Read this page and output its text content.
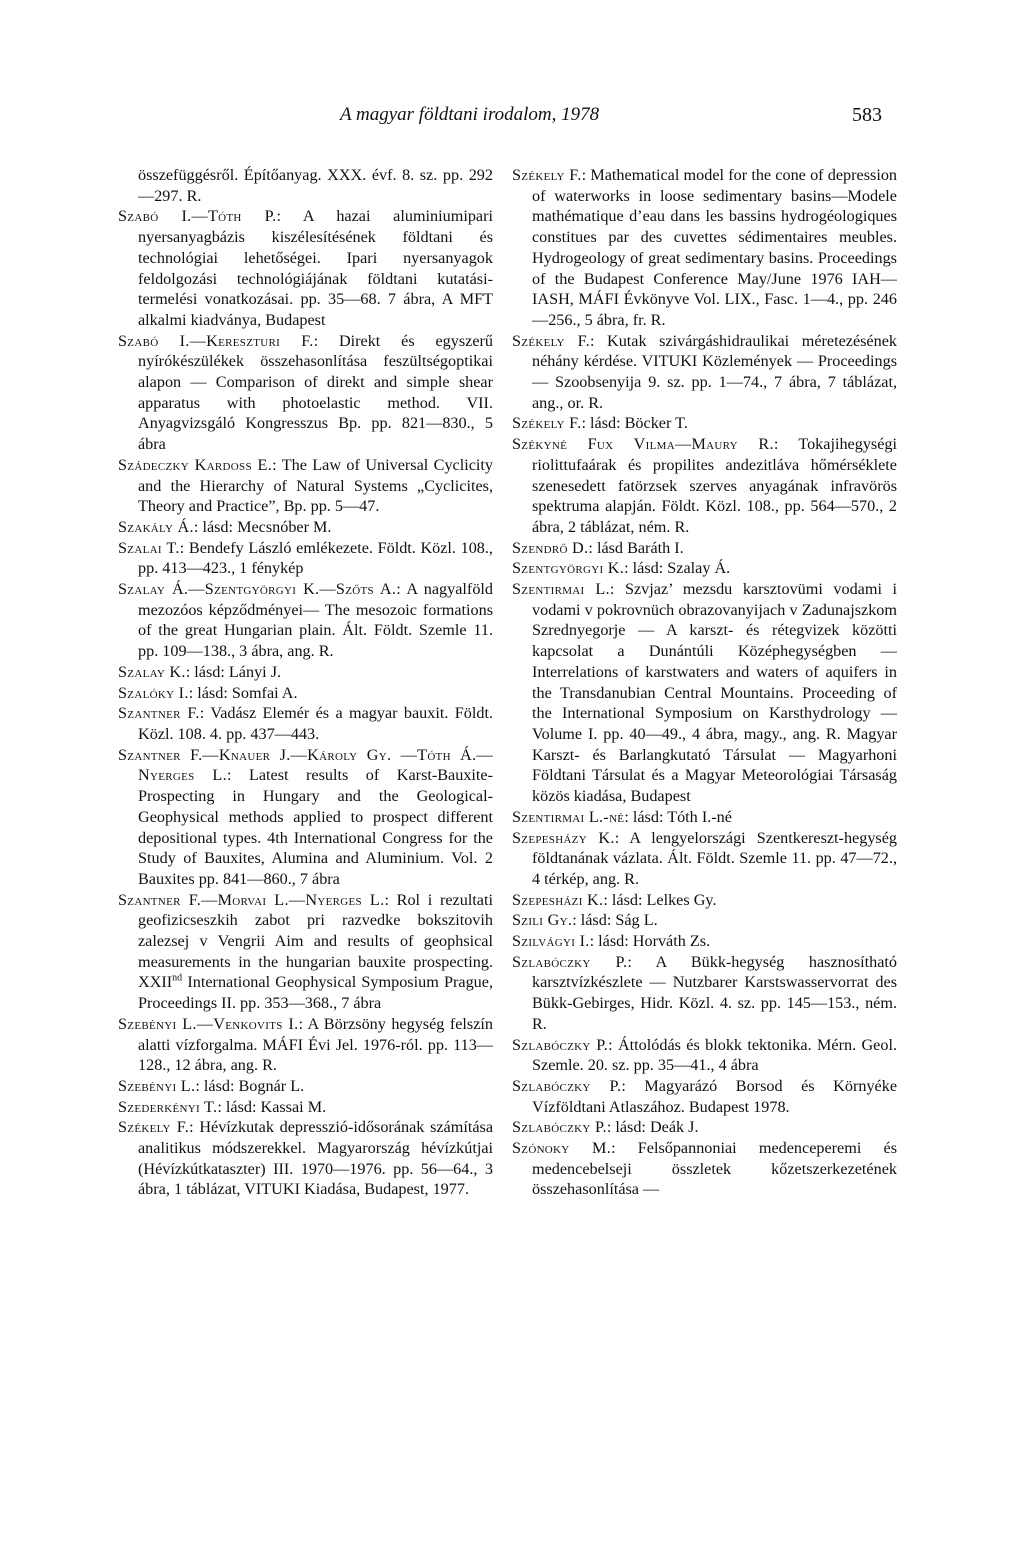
A magyar földtani irodalom, 1978	583

összefüggésről. Építőanyag. XXX. évf. 8. sz. pp. 292—297. R.

Szabó I.—Tóth P.: A hazai aluminiumipari nyersanyagbázis kiszélesítésének földtani és technológiai lehetőségei. Ipari nyersanyagok feldolgozási technológiájának földtani kutatási-termelési vonatkozásai. pp. 35—68. 7 ábra, A MFT alkalmi kiadványa, Budapest

Szabó I.—Kereszturi F.: Direkt és egyszerű nyírókészülékek összehasonlítása feszültségoptikai alapon — Comparison of direkt and simple shear apparatus with photoelastic method. VII. Anyagvizsgáló Kongresszus Bp. pp. 821—830., 5 ábra

Szádeczky Kardoss E.: The Law of Universal Cyclicity and the Hierarchy of Natural Systems „Cyclicites, Theory and Practice”, Bp. pp. 5—47.

Szakály Á.: lásd: Mecsnóber M.

Szalai T.: Bendefy László emlékezete. Földt. Közl. 108., pp. 413—423., 1 fénykép

Szalay Á.—Szentgyörgyi K.—Szőts A.: A nagyalföld mezozóos képződményei— The mesozoic formations of the great Hungarian plain. Ált. Földt. Szemle 11. pp. 109—138., 3 ábra, ang. R.

Szalay K.: lásd: Lányi J.

Szalóky I.: lásd: Somfai A.

Szantner F.: Vadász Elemér és a magyar bauxit. Földt. Közl. 108. 4. pp. 437—443.

Szantner F.—Knauer J.—Károly Gy. —Tóth Á.—Nyerges L.: Latest results of Karst-Bauxite-Prospecting in Hungary and the Geological-Geophysical methods applied to prospect different depositional types. 4th International Congress for the Study of Bauxites, Alumina and Aluminium. Vol. 2 Bauxites pp. 841—860., 7 ábra

Szantner F.—Morvai L.—Nyerges L.: Rol i rezultati geofizicseszkih zabot pri razvedke bokszitovih zalezsej v Vengrii Aim and results of geophsical measurements in the hungarian bauxite prospecting. XXIInd International Geophysical Symposium Prague, Proceedings II. pp. 353—368., 7 ábra

Szebényi L.—Venkovits I.: A Börzsöny hegység felszín alatti vízforgalma. MÁFI Évi Jel. 1976-ról. pp. 113—128., 12 ábra, ang. R.

Szebényi L.: lásd: Bognár L.

Szederkényi T.: lásd: Kassai M.

Székely F.: Hévízkutak depresszió-idősorának számítása analitikus módszerekkel. Magyarország hévízkútjai (Hévízkútkataszter) III. 1970—1976. pp. 56—64., 3 ábra, 1 táblázat, VITUKI Kiadása, Budapest, 1977.

Székely F.: Mathematical model for the cone of depression of waterworks in loose sedimentary basins—Modele mathématique d’eau dans les bassins hydrogéologiques constitues par des cuvettes sédimentaires meubles. Hydrogeology of great sedimentary basins. Proceedings of the Budapest Conference May/June 1976 IAH—IASH, MÁFI Évkönyve Vol. LIX., Fasc. 1—4., pp. 246—256., 5 ábra, fr. R.

Székely F.: Kutak szivárgáshidraulikai méretezésének néhány kérdése. VITUKI Közlemények — Proceedings — Szoobsenyija 9. sz. pp. 1—74., 7 ábra, 7 táblázat, ang., or. R.

Székely F.: lásd: Böcker T.

Székyné Fux Vilma—Maury R.: Tokajihegységi riolittufaárak és propilites andezitláva hőmérséklete szenesedett fatörzsek szerves anyagának infravörös spektruma alapján. Földt. Közl. 108., pp. 564—570., 2 ábra, 2 táblázat, ném. R.

Szendrő D.: lásd Baráth I.

Szentgyörgyi K.: lásd: Szalay Á.

Szentirmai L.: Szvjaz’ mezsdu karsztovümi vodami i vodami v pokrovnüch obrazovanyijach v Zadunajszkom Szrednyegorje — A karszt- és rétegvizek közötti kapcsolat a Dunántúli Középhegységben — Interrelations of karstwaters and waters of aquifers in the Transdanubian Central Mountains. Proceeding of the International Symposium on Karsthydrology — Volume I. pp. 40—49., 4 ábra, magy., ang. R. Magyar Karszt- és Barlangkutató Társulat — Magyarhoni Földtani Társulat és a Magyar Meteorológiai Társaság közös kiadása, Budapest

Szentirmai L.-né: lásd: Tóth I.-né

Szepesházy K.: A lengyelországi Szentkereszt-hegység földtanának vázlata. Ált. Földt. Szemle 11. pp. 47—72., 4 térkép, ang. R.

Szepesházi K.: lásd: Lelkes Gy.

Szili Gy.: lásd: Ság L.

Szilvágyi I.: lásd: Horváth Zs.

Szlabóczky P.: A Bükk-hegység hasznosítható karsztvízkészlete — Nutzbarer Karstswasservorrat des Bükk-Gebirges, Hidr. Közl. 4. sz. pp. 145—153., ném. R.

Szlabóczky P.: Áttolódás és blokk tektonika. Mérn. Geol. Szemle. 20. sz. pp. 35—41., 4 ábra

Szlabóczky P.: Magyarázó Borsod és Környéke Vízföldtani Atlaszához. Budapest 1978.

Szlabóczky P.: lásd: Deák J.

Szónoky M.: Felsőpannoniai medenceperemi és medencebelseji összletek kőzetszerkezetének összehasonlítása —
